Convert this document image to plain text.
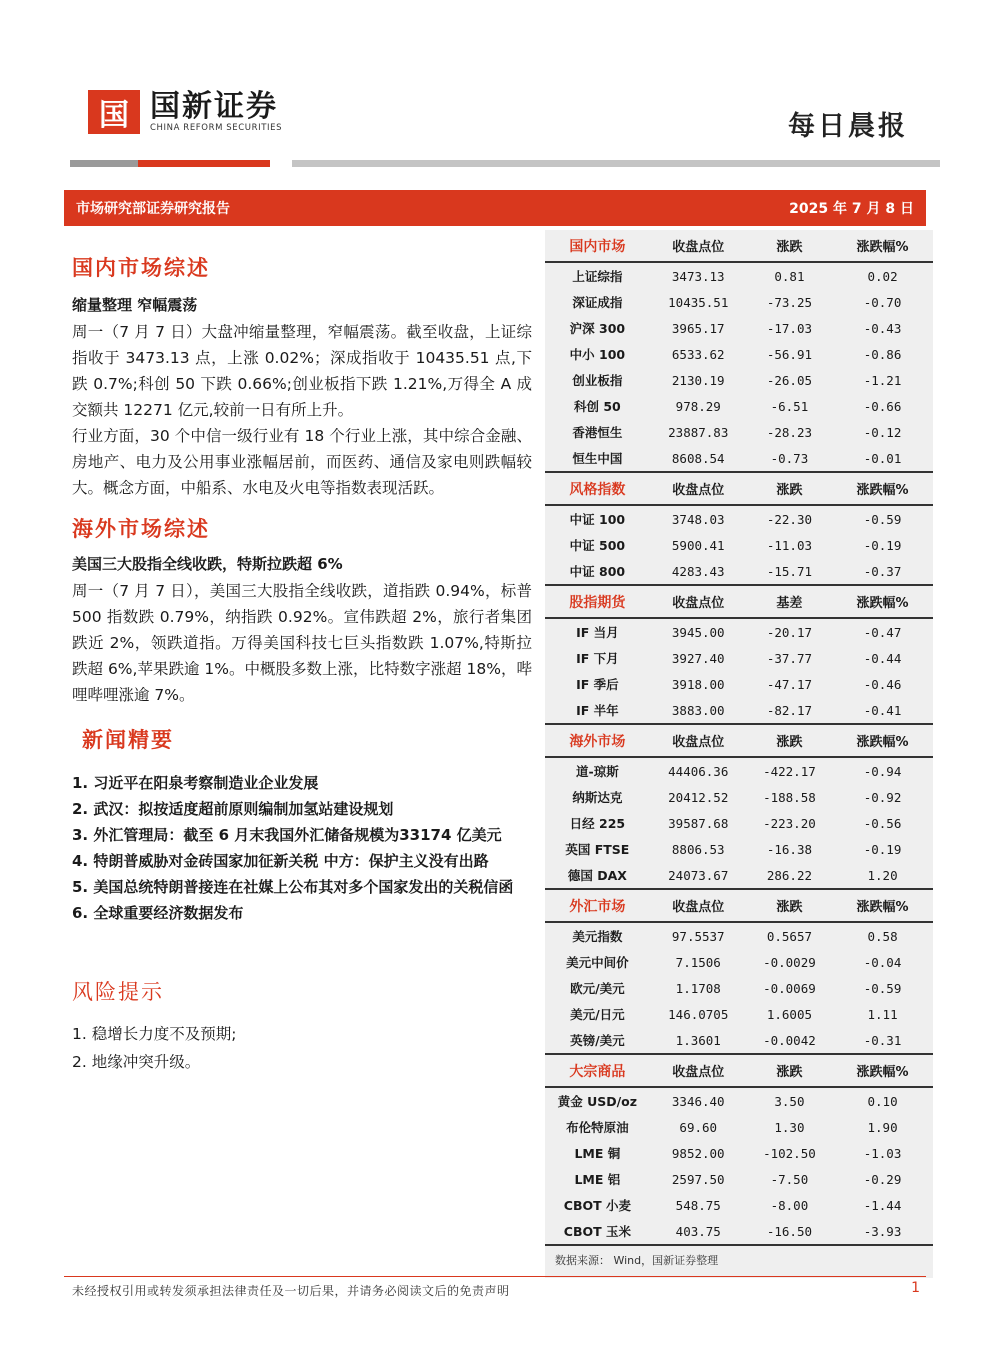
国 国新证券
CHINA REFORM SECURITIES	每日晨报
市场研究部证券研究报告	2025 年 7 月 8 日
国内市场综述
缩量整理 窄幅震荡

周一（7 月 7 日）大盘冲缩量整理，窄幅震荡。截至收盘，上证综指收于 3473.13 点，上涨 0.02%；深成指收于 10435.51 点,下跌 0.7%;科创 50 下跌 0.66%;创业板指下跌 1.21%,万得全 A 成交额共 12271 亿元,较前一日有所上升。

行业方面，30 个中信一级行业有 18 个行业上涨，其中综合金融、房地产、电力及公用事业涨幅居前，而医药、通信及家电则跌幅较大。概念方面，中船系、水电及火电等指数表现活跃。

海外市场综述
美国三大股指全线收跌，特斯拉跌超 6%

周一（7 月 7 日），美国三大股指全线收跌，道指跌 0.94%，标普 500 指数跌 0.79%，纳指跌 0.92%。宣伟跌超 2%，旅行者集团跌近 2%，领跌道指。万得美国科技七巨头指数跌 1.07%,特斯拉跌超 6%,苹果跌逾 1%。中概股多数上涨，比特数字涨超 18%，哔哩哔哩涨逾 7%。

新闻精要
1. 习近平在阳泉考察制造业企业发展
2. 武汉：拟按适度超前原则编制加氢站建设规划
3. 外汇管理局：截至 6 月末我国外汇储备规模为33174 亿美元
4. 特朗普威胁对金砖国家加征新关税 中方：保护主义没有出路
5. 美国总统特朗普接连在社媒上公布其对多个国家发出的关税信函
6. 全球重要经济数据发布
风险提示
1. 稳增长力度不及预期;
2. 地缘冲突升级。
国内市场	收盘点位	涨跌	涨跌幅%
上证综指	3473.13	0.81	0.02
深证成指	10435.51	-73.25	-0.70
沪深 300	3965.17	-17.03	-0.43
中小 100	6533.62	-56.91	-0.86
创业板指	2130.19	-26.05	-1.21
科创 50	978.29	-6.51	-0.66
香港恒生	23887.83	-28.23	-0.12
恒生中国	8608.54	-0.73	-0.01
风格指数	收盘点位	涨跌	涨跌幅%
中证 100	3748.03	-22.30	-0.59
中证 500	5900.41	-11.03	-0.19
中证 800	4283.43	-15.71	-0.37
股指期货	收盘点位	基差	涨跌幅%
IF 当月	3945.00	-20.17	-0.47
IF 下月	3927.40	-37.77	-0.44
IF 季后	3918.00	-47.17	-0.46
IF 半年	3883.00	-82.17	-0.41
海外市场	收盘点位	涨跌	涨跌幅%
道-琼斯	44406.36	-422.17	-0.94
纳斯达克	20412.52	-188.58	-0.92
日经 225	39587.68	-223.20	-0.56
英国 FTSE	8806.53	-16.38	-0.19
德国 DAX	24073.67	286.22	1.20
外汇市场	收盘点位	涨跌	涨跌幅%
美元指数	97.5537	0.5657	0.58
美元中间价	7.1506	-0.0029	-0.04
欧元/美元	1.1708	-0.0069	-0.59
美元/日元	146.0705	1.6005	1.11
英镑/美元	1.3601	-0.0042	-0.31
大宗商品	收盘点位	涨跌	涨跌幅%
黄金 USD/oz	3346.40	3.50	0.10
布伦特原油	69.60	1.30	1.90
LME 铜	9852.00	-102.50	-1.03
LME 铝	2597.50	-7.50	-0.29
CBOT 小麦	548.75	-8.00	-1.44
CBOT 玉米	403.75	-16.50	-3.93
数据来源： Wind，国新证券整理
未经授权引用或转发须承担法律责任及一切后果，并请务必阅读文后的免责声明	1
